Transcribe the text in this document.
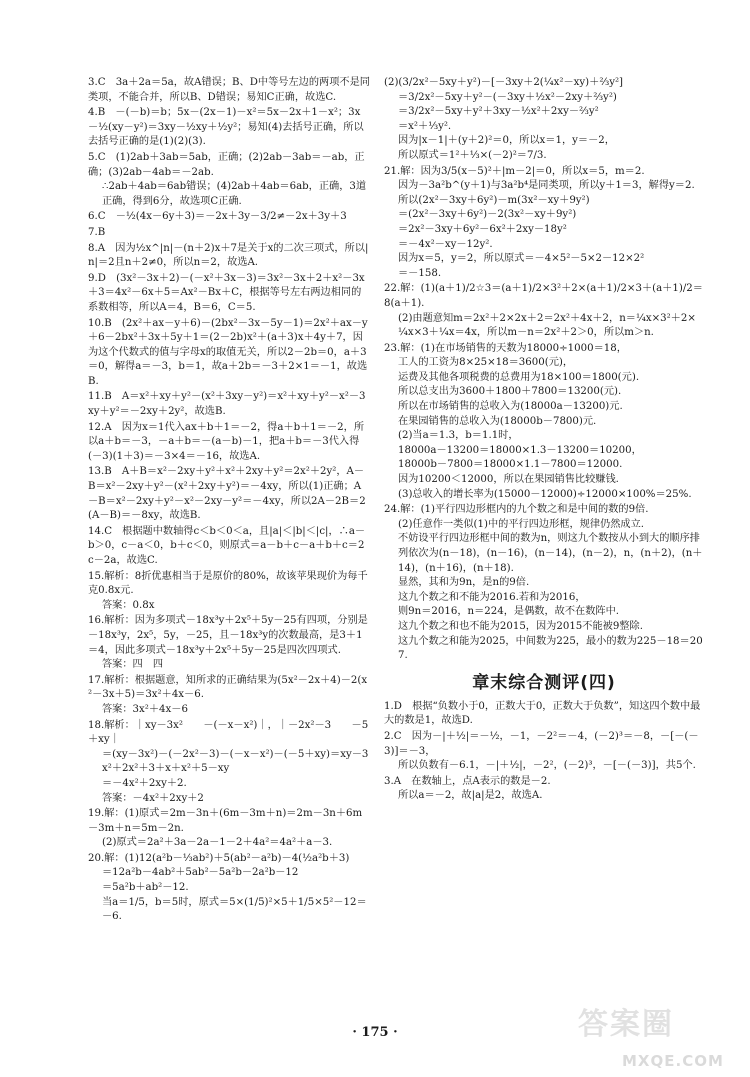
3.C　3a＋2a＝5a，故A错误；B、D中等号左边的两项不是同类项，不能合并，所以B、D错误；易知C正确，故选C.
4.B　－(－b)＝b；5x－(2x－1)－x²＝5x－2x＋1－x²；3x－½(xy－y²)＝3xy－½xy＋½y²；易知(4)去括号正确，所以去括号正确的是(1)(2)(3).
5.C　(1)2ab＋3ab＝5ab，正确；(2)2ab－3ab＝－ab，正确；(3)2ab－4ab＝－2ab.
∴2ab＋4ab＝6ab错误；(4)2ab＋4ab＝6ab，正确，3道正确，得到6分，故选项C正确.
6.C　－½(4x－6y＋3)＝－2x＋3y－3/2≠－2x＋3y＋3
7.B
8.A　因为½x^|n|－(n＋2)x＋7是关于x的二次三项式，所以|n|＝2且n＋2≠0，所以n＝2，故选A.
9.D　(3x²－3x＋2)－(－x²＋3x－3)＝3x²－3x＋2＋x²－3x＋3＝4x²－6x＋5＝Ax²－Bx＋C，根据等号左右两边相同的系数相等，所以A＝4，B＝6，C＝5.
10.B　(2x²＋ax－y＋6)－(2bx²－3x－5y－1)＝2x²＋ax－y＋6－2bx²＋3x＋5y＋1＝(2－2b)x²＋(a＋3)x＋4y＋7，因为这个代数式的值与字母x的取值无关，所以2－2b＝0，a＋3＝0，解得a＝－3，b＝1，故a＋2b＝－3＋2×1＝－1，故选B.
11.B　A＝x²＋xy＋y²－(x²＋3xy－y²)＝x²＋xy＋y²－x²－3xy＋y²＝－2xy＋2y²，故选B.
12.A　因为x＝1代入ax＋b＋1＝－2，得a＋b＋1＝－2，所以a＋b＝－3，－a＋b＝－(a－b)－1，把a＋b＝－3代入得(－3)(1＋3)＝－3×4＝－16，故选A.
13.B　A＋B＝x²－2xy＋y²＋x²＋2xy＋y²＝2x²＋2y²，A－B＝x²－2xy＋y²－(x²＋2xy＋y²)＝－4xy，所以(1)正确；A－B＝x²－2xy＋y²－x²－2xy－y²＝－4xy，所以2A－2B＝2(A－B)＝－8xy，故选B.
14.C　根据题中数轴得c＜b＜0＜a，且|a|＜|b|＜|c|，∴a－b＞0，c－a＜0，b＋c＜0，则原式＝a－b＋c－a＋b＋c＝2c－2a，故选C.
15.解析：8折优惠相当于是原价的80%，故该苹果现价为每千克0.8x元.
答案：0.8x
16.解析：因为多项式－18x³y＋2x⁵＋5y－25有四项，分别是－18x³y，2x⁵，5y，－25，且－18x³y的次数最高，是3＋1＝4，因此多项式－18x³y＋2x⁵＋5y－25是四次四项式.
答案：四　四
17.解析：根据题意，知所求的正确结果为(5x²－2x＋4)－2(x²－3x＋5)＝3x²＋4x－6.
答案：3x²＋4x－6
18.解析：｜xy－3x²　　－(－x－x²)｜，｜－2x²－3　　－5＋xy｜
＝(xy－3x²)－(－2x²－3)－(－x－x²)－(－5＋xy)＝xy－3x²＋2x²＋3＋x＋x²＋5－xy
＝－4x²＋2xy＋2.
答案：－4x²＋2xy＋2
19.解：(1)原式＝2m－3n＋(6m－3m＋n)＝2m－3n＋6m－3m＋n＝5m－2n.
(2)原式＝2a²＋3a－2a－1－2＋4a²＝4a²＋a－3.
20.解：(1)12(a²b－⅓ab²)＋5(ab²－a²b)－4(½a²b＋3)
＝12a²b－4ab²＋5ab²－5a²b－2a²b－12
＝5a²b＋ab²－12.
当a＝1/5，b＝5时，原式＝5×(1/5)²×5＋1/5×5²－12＝－6.
(2)(3/2x²－5xy＋y²)－[－3xy＋2(¼x²－xy)＋⅔y²]
＝3/2x²－5xy＋y²－(－3xy＋½x²－2xy＋⅔y²)
＝3/2x²－5xy＋y²＋3xy－½x²＋2xy－⅔y²
＝x²＋⅓y².
因为|x－1|＋(y＋2)²＝0，所以x＝1，y＝－2，
所以原式＝1²＋⅓×(－2)²＝7/3.
21.解：因为3/5(x－5)²＋|m－2|＝0，所以x＝5，m＝2.
因为－3a²b^(y＋1)与3a²b⁴是同类项，所以y＋1＝3，解得y＝2.
所以(2x²－3xy＋6y²)－m(3x²－xy＋9y²)
＝(2x²－3xy＋6y²)－2(3x²－xy＋9y²)
＝2x²－3xy＋6y²－6x²＋2xy－18y²
＝－4x²－xy－12y².
因为x＝5，y＝2，所以原式＝－4×5²－5×2－12×2²
＝－158.
22.解：(1)(a＋1)/2☆3＝(a＋1)/2×3²＋2×(a＋1)/2×3＋(a＋1)/2＝8(a＋1).
(2)由题意知m＝2x²＋2×2x＋2＝2x²＋4x＋2，n＝¼x×3²＋2×¼x×3＋¼x＝4x，所以m－n＝2x²＋2＞0，所以m＞n.
23.解：(1)在市场销售的天数为18000÷1000＝18，
工人的工资为8×25×18＝3600(元)，
运费及其他各项税费的总费用为18×100＝1800(元).
所以总支出为3600＋1800＋7800＝13200(元).
所以在市场销售的总收入为(18000a－13200)元.
在果园销售的总收入为(18000b－7800)元.
(2)当a＝1.3，b＝1.1时，
18000a－13200＝18000×1.3－13200＝10200，
18000b－7800＝18000×1.1－7800＝12000.
因为10200＜12000，所以在果园销售比较赚钱.
(3)总收入的增长率为(15000－12000)÷12000×100%＝25%.
24.解：(1)平行四边形框内的九个数之和是中间的数的9倍.
(2)任意作一类似(1)中的平行四边形框，规律仍然成立.
不妨设平行四边形框中间的数为n，则这九个数按从小到大的顺序排列依次为(n－18)，(n－16)，(n－14)，(n－2)，n，(n＋2)，(n＋14)，(n＋16)，(n＋18).
显然，其和为9n，是n的9倍.
这九个数之和不能为2016.若和为2016，
则9n＝2016，n＝224，是偶数，故不在数阵中.
这九个数之和也不能为2015，因为2015不能被9整除.
这九个数之和能为2025，中间数为225，最小的数为225－18＝207.
章末综合测评(四)
1.D　根据“负数小于0，正数大于0，正数大于负数”，知这四个数中最大的数是1，故选D.
2.C　因为－|＋½|＝－½，－1，－2²＝－4，(－2)³＝－8，－[－(－3)]＝－3，
所以负数有－6.1，－|＋½|，－2²，(－2)³，－[－(－3)]，共5个.
3.A　在数轴上，点A表示的数是－2.
所以a＝－2，故|a|是2，故选A.
· 175 ·	答案圈
MXQE.COM
